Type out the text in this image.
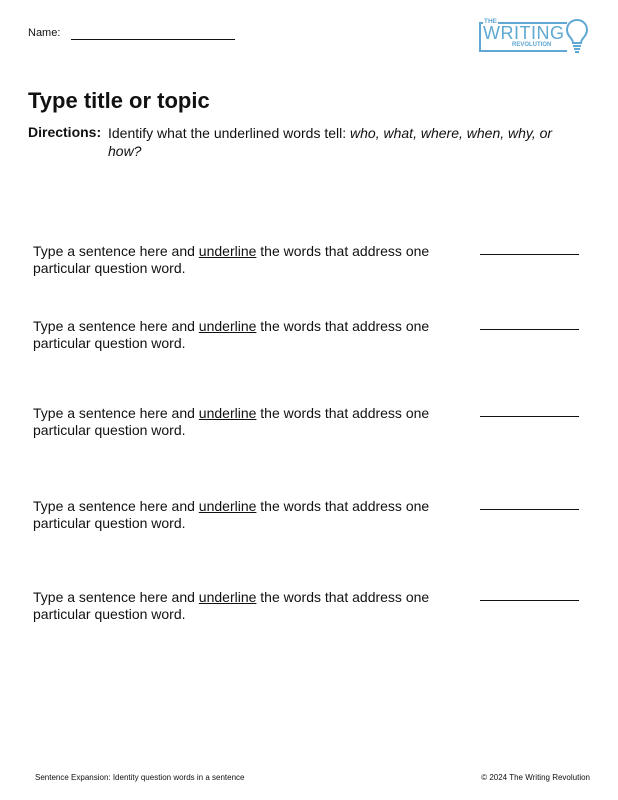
Name:
THE
WRITING
REVOLUTION
Type title or topic
Directions: Identify what the underlined words tell: who, what, where, when, why, or how?
Type a sentence here and underline the words that address one particular question word.
Type a sentence here and underline the words that address one particular question word.
Type a sentence here and underline the words that address one particular question word.
Type a sentence here and underline the words that address one particular question word.
Type a sentence here and underline the words that address one particular question word.
Sentence Expansion: Identity question words in a sentence	© 2024 The Writing Revolution
